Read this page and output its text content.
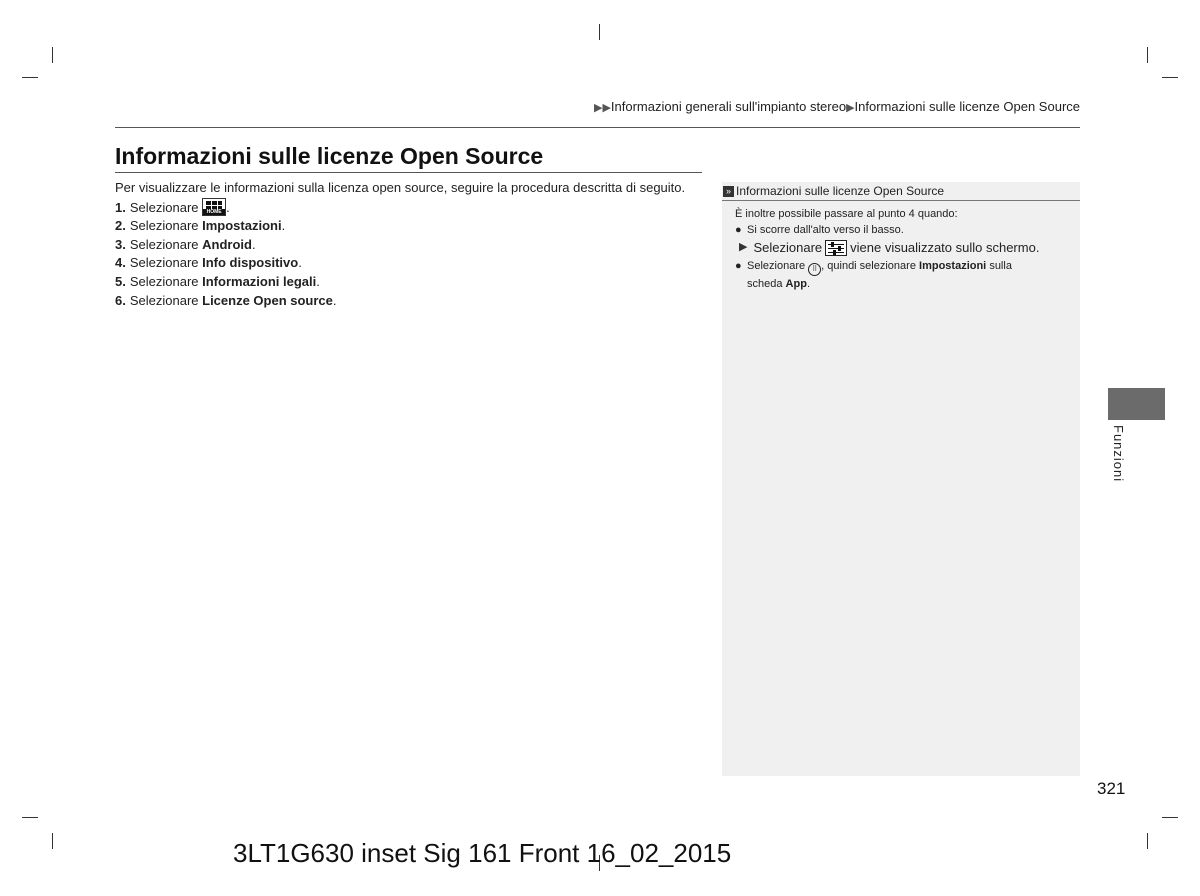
▶▶Informazioni generali sull'impianto stereo▶Informazioni sulle licenze Open Source
Informazioni sulle licenze Open Source

Per visualizzare le informazioni sulla licenza open source, seguire la procedura descritta di seguito.

1. Selezionare HOME .
2. Selezionare Impostazioni.
3. Selezionare Android.
4. Selezionare Info dispositivo.
5. Selezionare Informazioni legali.
6. Selezionare Licenze Open source.
» Informazioni sulle licenze Open Source

È inoltre possibile passare al punto 4 quando:

● Si scorre dall'alto verso il basso.
▶ Selezionare viene visualizzato sullo schermo.
● Selezionare ⠿ , quindi selezionare Impostazioni sulla
scheda App.
Funzioni
321
3LT1G630 inset Sig 161 Front 16_02_2015
